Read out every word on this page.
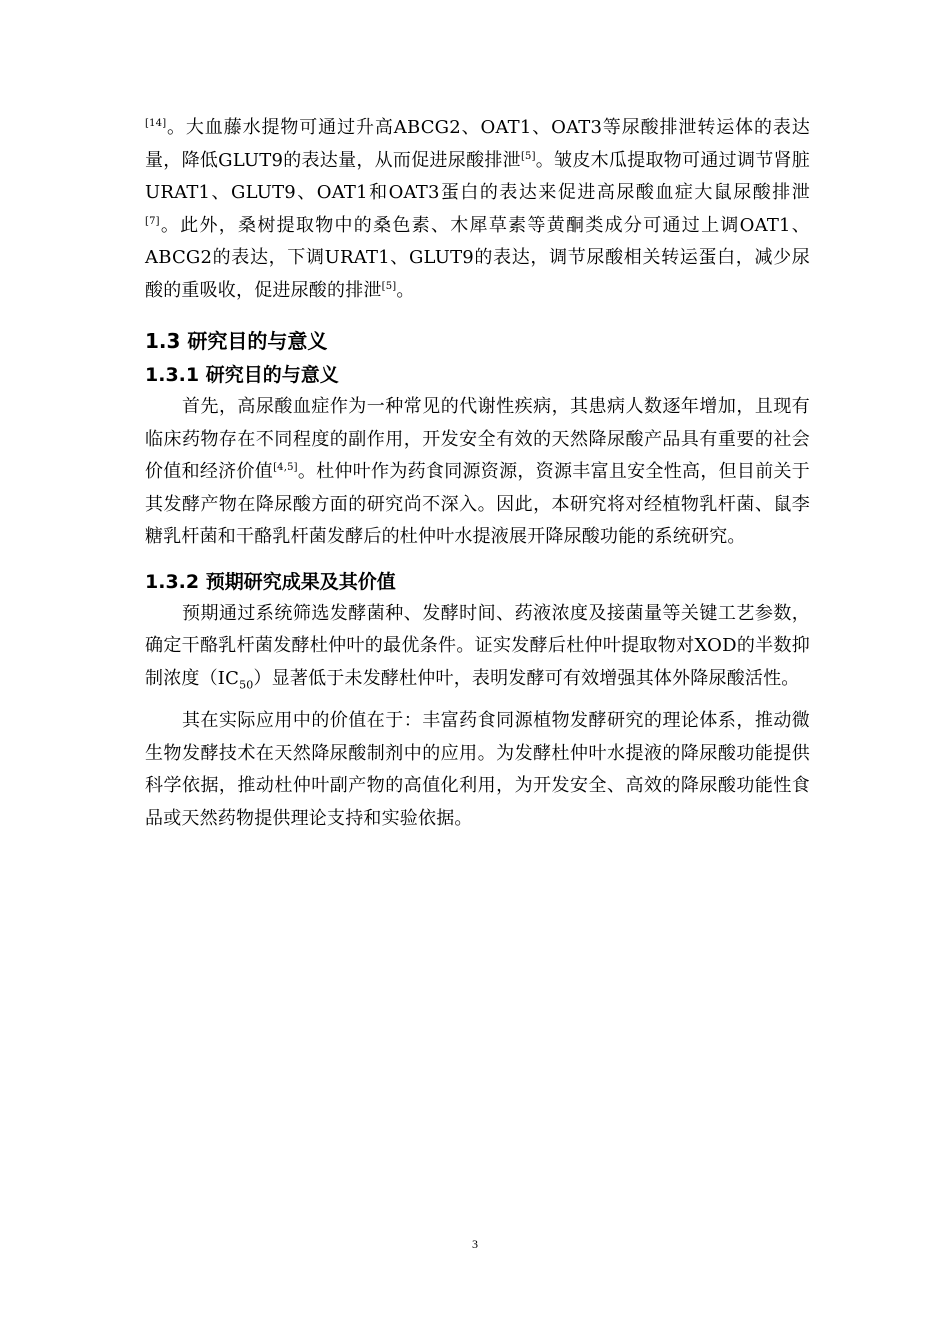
[14]。大血藤水提物可通过升高ABCG2、OAT1、OAT3等尿酸排泄转运体的表达量，降低GLUT9的表达量，从而促进尿酸排泄[5]。皱皮木瓜提取物可通过调节肾脏URAT1、GLUT9、OAT1和OAT3蛋白的表达来促进高尿酸血症大鼠尿酸排泄[7]。此外，桑树提取物中的桑色素、木犀草素等黄酮类成分可通过上调OAT1、ABCG2的表达，下调URAT1、GLUT9的表达，调节尿酸相关转运蛋白，减少尿酸的重吸收，促进尿酸的排泄[5]。

1.3 研究目的与意义
1.3.1 研究目的与意义

首先，高尿酸血症作为一种常见的代谢性疾病，其患病人数逐年增加，且现有临床药物存在不同程度的副作用，开发安全有效的天然降尿酸产品具有重要的社会价值和经济价值[4,5]。杜仲叶作为药食同源资源，资源丰富且安全性高，但目前关于其发酵产物在降尿酸方面的研究尚不深入。因此，本研究将对经植物乳杆菌、鼠李糖乳杆菌和干酪乳杆菌发酵后的杜仲叶水提液展开降尿酸功能的系统研究。

1.3.2 预期研究成果及其价值

预期通过系统筛选发酵菌种、发酵时间、药液浓度及接菌量等关键工艺参数，确定干酪乳杆菌发酵杜仲叶的最优条件。证实发酵后杜仲叶提取物对XOD的半数抑制浓度$(IC_{50})$显著低于未发酵杜仲叶，表明发酵可有效增强其体外降尿酸活性。

其在实际应用中的价值在于：丰富药食同源植物发酵研究的理论体系，推动微生物发酵技术在天然降尿酸制剂中的应用。为发酵杜仲叶水提液的降尿酸功能提供科学依据，推动杜仲叶副产物的高值化利用，为开发安全、高效的降尿酸功能性食品或天然药物提供理论支持和实验依据。

3
